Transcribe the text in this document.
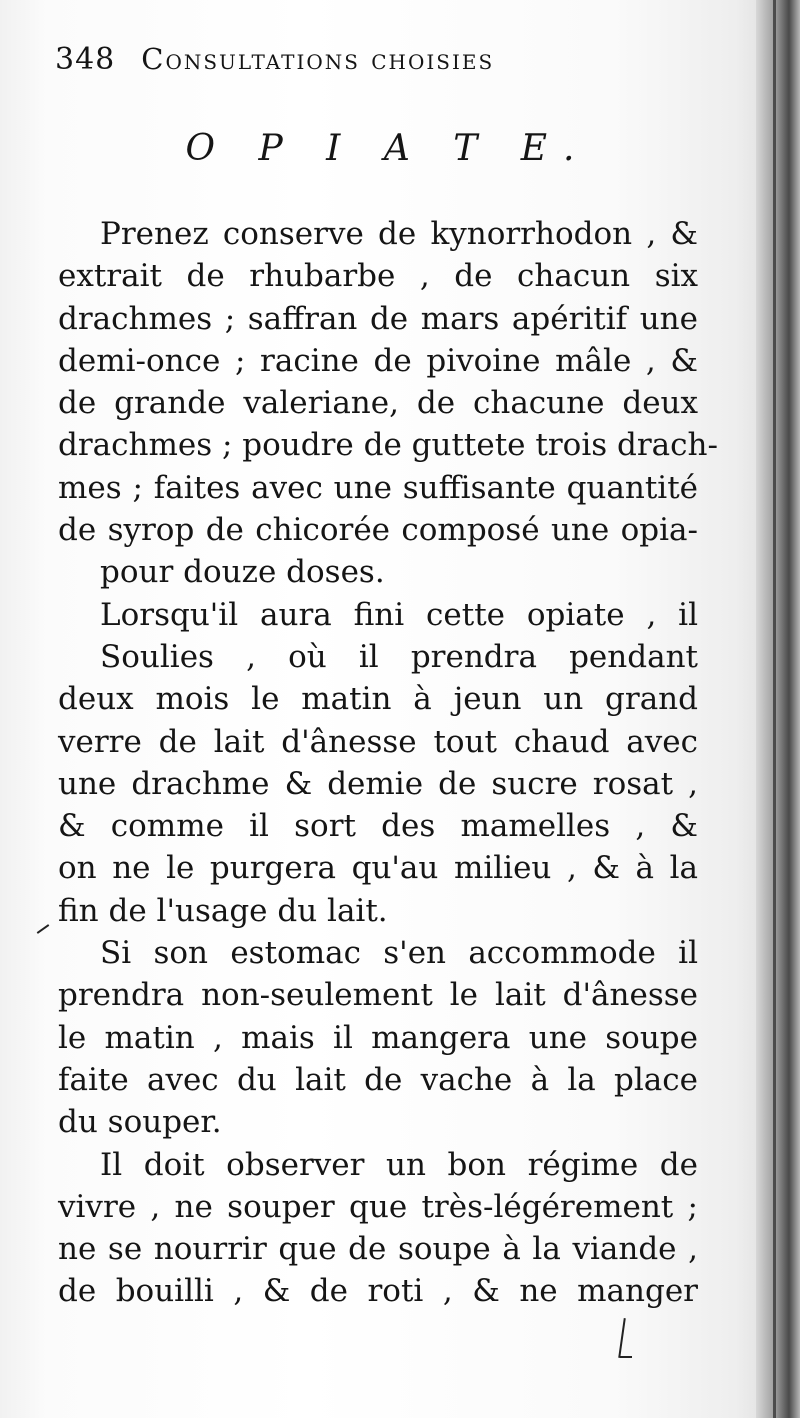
348 Consultations choisies
O P I A T E.
Prenez conserve de kynorrhodon , &
extrait de rhubarbe , de chacun six
drachmes ; saffran de mars apéritif une
demi-once ; racine de pivoine mâle , &
de grande valeriane, de chacune deux
drachmes ; poudre de guttete trois drach-
mes ; faites avec une suffisante quantité
de syrop de chicorée composé une opia-
pour douze doses.
Lorsqu'il aura fini cette opiate , il
Soulies , où il prendra pendant
deux mois le matin à jeun un grand
verre de lait d'ânesse tout chaud avec
une drachme & demie de sucre rosat ,
& comme il sort des mamelles , &
on ne le purgera qu'au milieu , & à la
fin de l'usage du lait.
Si son estomac s'en accommode il
prendra non-seulement le lait d'ânesse
le matin , mais il mangera une soupe
faite avec du lait de vache à la place
du souper.
Il doit observer un bon régime de
vivre , ne souper que très-légérement ;
ne se nourrir que de soupe à la viande ,
de bouilli , & de roti , & ne manger
